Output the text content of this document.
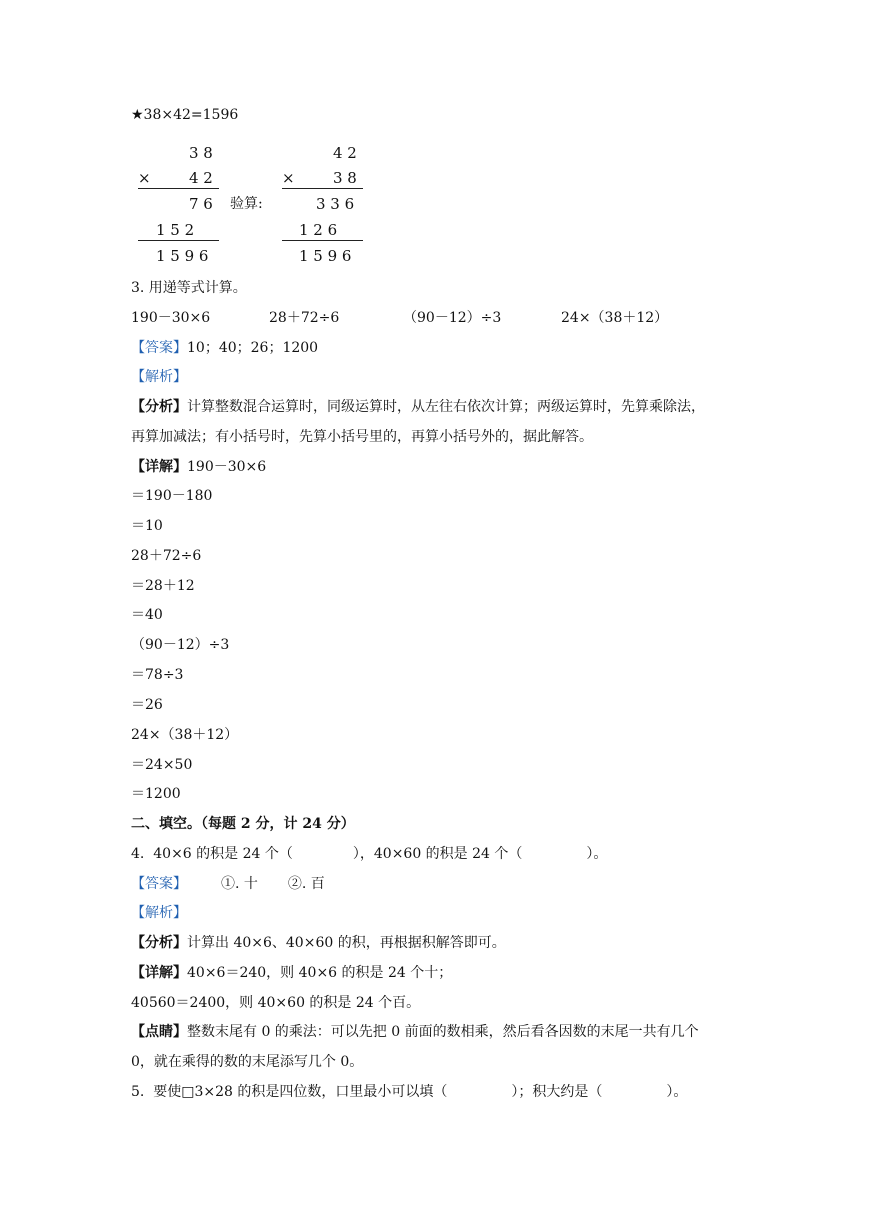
★38×42=1596
3 8
×	4 2
7 6
1 5 2
1 5 9 6
验算:
4 2
×	3 8
3 3 6
1 2 6
1 5 9 6
3. 用递等式计算。
190－30×6	28＋72÷6	（90－12）÷3	24×（38＋12）
【答案】10；40；26；1200
【解析】
【分析】计算整数混合运算时，同级运算时，从左往右依次计算；两级运算时，先算乘除法，
再算加减法；有小括号时，先算小括号里的，再算小括号外的，据此解答。
【详解】190－30×6
＝190－180
＝10
28＋72÷6
＝28＋12
＝40
（90－12）÷3
＝78÷3
＝26
24×（38＋12）
＝24×50
＝1200
二、填空。（每题 2 分，计 24 分）
4.  40×6 的积是 24 个（	），40×60 的积是 24 个（	）。
【答案】 ①. 十 ②. 百
【解析】
【分析】计算出 40×6、40×60 的积，再根据积解答即可。
【详解】40×6＝240，则 40×6 的积是 24 个十；
40560＝2400，则 40×60 的积是 24 个百。
【点睛】整数末尾有 0 的乘法：可以先把 0 前面的数相乘，然后看各因数的末尾一共有几个
0，就在乘得的数的末尾添写几个 0。
5.  要使□3×28 的积是四位数，口里最小可以填（	）；积大约是（	）。
